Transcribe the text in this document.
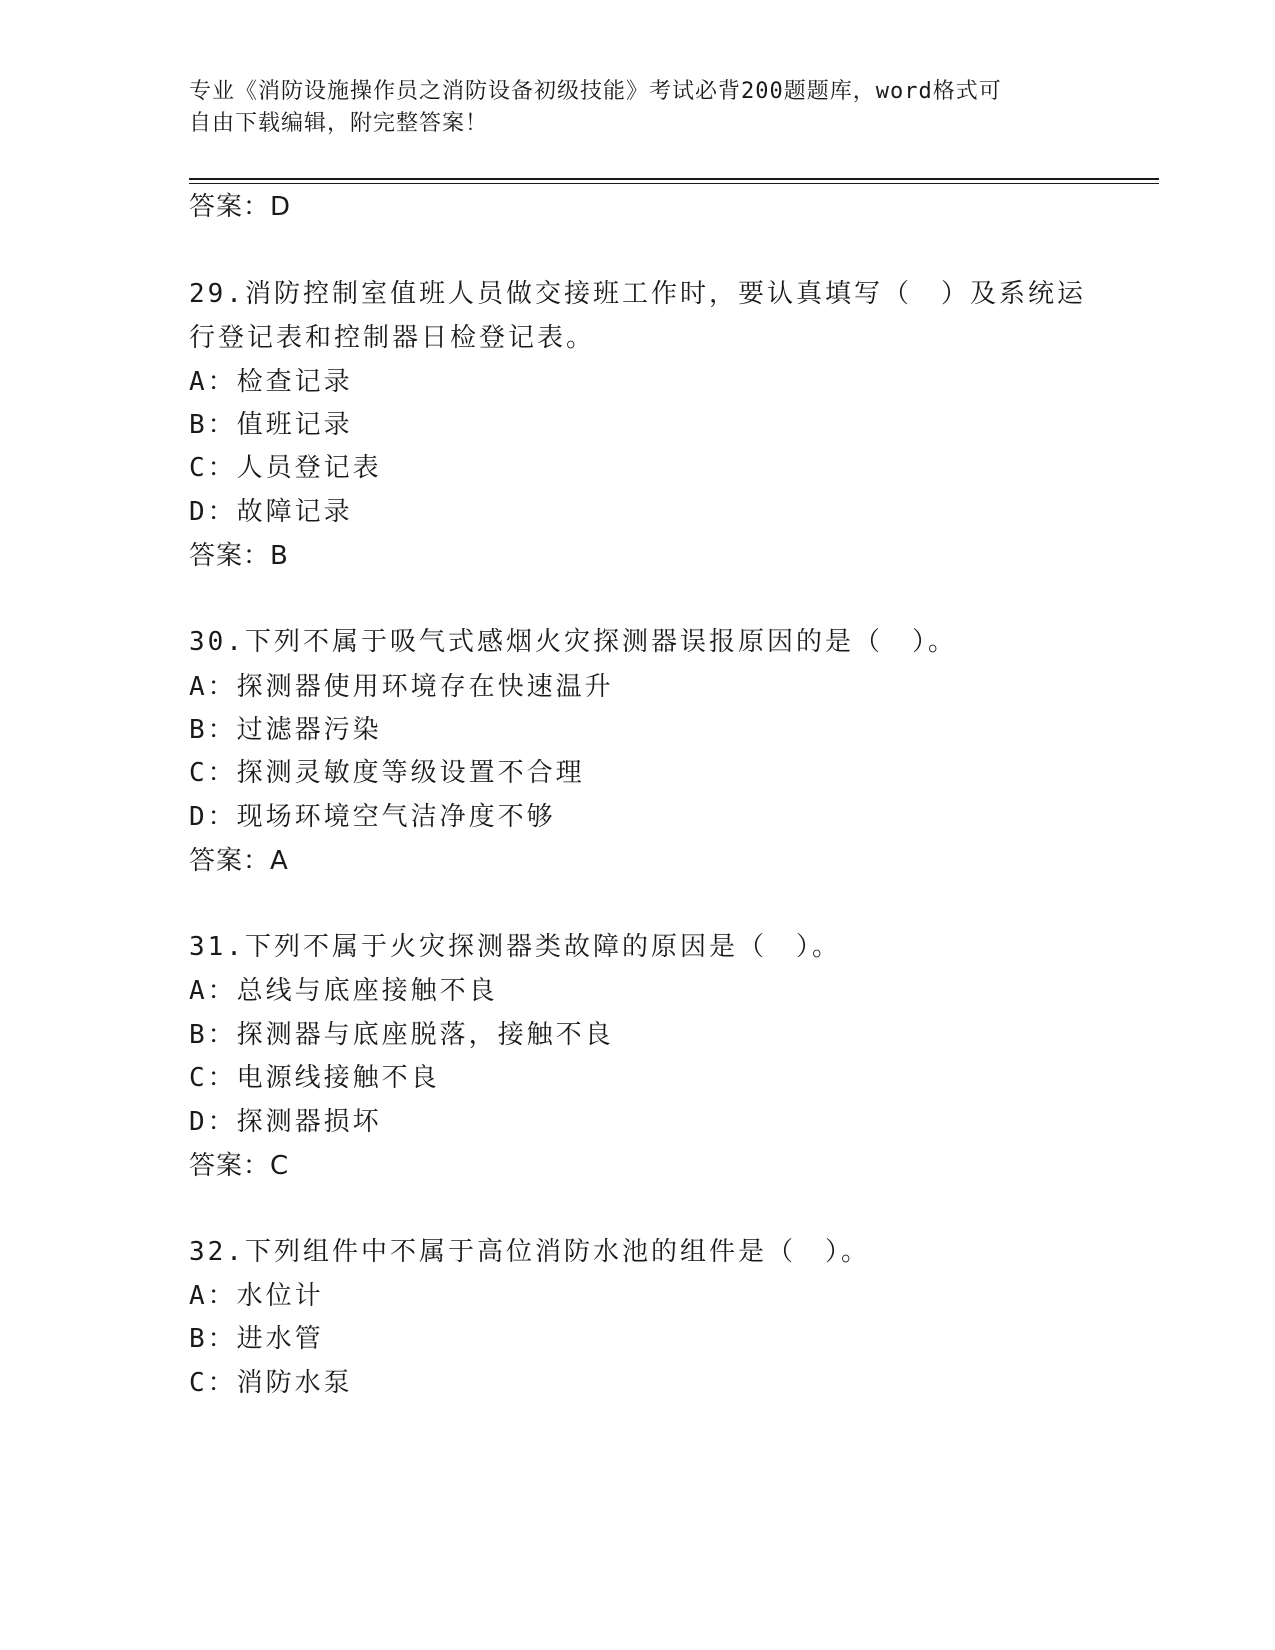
专业《消防设施操作员之消防设备初级技能》考试必背200题题库，word格式可
自由下载编辑，附完整答案！
答案：D
29.消防控制室值班人员做交接班工作时，要认真填写（　）及系统运
行登记表和控制器日检登记表。
A：检查记录
B：值班记录
C：人员登记表
D：故障记录
答案：B
30.下列不属于吸气式感烟火灾探测器误报原因的是（　）。
A：探测器使用环境存在快速温升
B：过滤器污染
C：探测灵敏度等级设置不合理
D：现场环境空气洁净度不够
答案：A
31.下列不属于火灾探测器类故障的原因是（　）。
A：总线与底座接触不良
B：探测器与底座脱落，接触不良
C：电源线接触不良
D：探测器损坏
答案：C
32.下列组件中不属于高位消防水池的组件是（　）。
A：水位计
B：进水管
C：消防水泵
